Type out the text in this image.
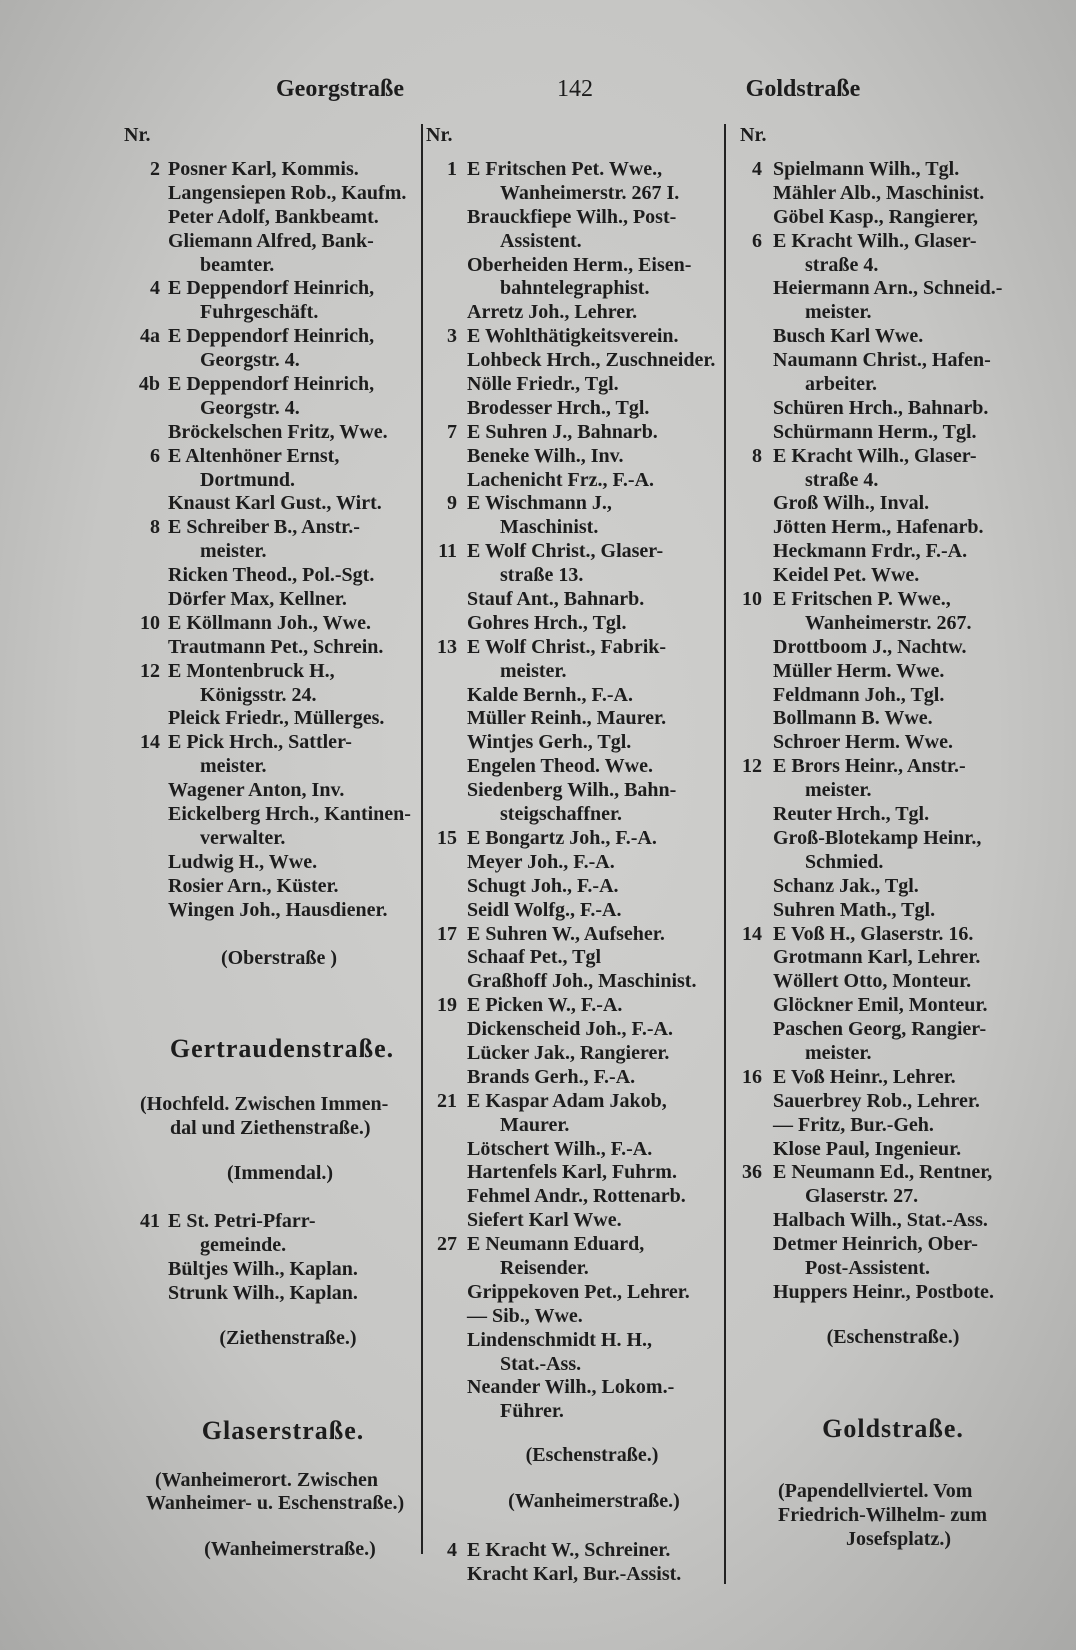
Georgstraße	142	Goldstraße
Nr.	Nr.	Nr.
2 Posner Karl, Kommis.
Langensiepen Rob., Kaufm.
Peter Adolf, Bankbeamt.
Gliemann Alfred, Bank-
beamter.
4 E Deppendorf Heinrich,
Fuhrgeschäft.
4a E Deppendorf Heinrich,
Georgstr. 4.
4b E Deppendorf Heinrich,
Georgstr. 4.
Bröckelschen Fritz, Wwe.
6 E Altenhöner Ernst,
Dortmund.
Knaust Karl Gust., Wirt.
8 E Schreiber B., Anstr.-
meister.
Ricken Theod., Pol.-Sgt.
Dörfer Max, Kellner.
10 E Köllmann Joh., Wwe.
Trautmann Pet., Schrein.
12 E Montenbruck H.,
Königsstr. 24.
Pleick Friedr., Müllerges.
14 E Pick Hrch., Sattler-
meister.
Wagener Anton, Inv.
Eickelberg Hrch., Kantinen-
verwalter.
Ludwig H., Wwe.
Rosier Arn., Küster.
Wingen Joh., Hausdiener.
41 E St. Petri-Pfarr-
gemeinde.
Bültjes Wilh., Kaplan.
Strunk Wilh., Kaplan.
1 E Fritschen Pet. Wwe.,
Wanheimerstr. 267 I.
Brauckfiepe Wilh., Post-
Assistent.
Oberheiden Herm., Eisen-
bahntelegraphist.
Arretz Joh., Lehrer.
3 E Wohlthätigkeitsverein.
Lohbeck Hrch., Zuschneider.
Nölle Friedr., Tgl.
Brodesser Hrch., Tgl.
7 E Suhren J., Bahnarb.
Beneke Wilh., Inv.
Lachenicht Frz., F.-A.
9 E Wischmann J.,
Maschinist.
11 E Wolf Christ., Glaser-
straße 13.
Stauf Ant., Bahnarb.
Gohres Hrch., Tgl.
13 E Wolf Christ., Fabrik-
meister.
Kalde Bernh., F.-A.
Müller Reinh., Maurer.
Wintjes Gerh., Tgl.
Engelen Theod. Wwe.
Siedenberg Wilh., Bahn-
steigschaffner.
15 E Bongartz Joh., F.-A.
Meyer Joh., F.-A.
Schugt Joh., F.-A.
Seidl Wolfg., F.-A.
17 E Suhren W., Aufseher.
Schaaf Pet., Tgl
Graßhoff Joh., Maschinist.
19 E Picken W., F.-A.
Dickenscheid Joh., F.-A.
Lücker Jak., Rangierer.
Brands Gerh., F.-A.
21 E Kaspar Adam Jakob,
Maurer.
Lötschert Wilh., F.-A.
Hartenfels Karl, Fuhrm.
Fehmel Andr., Rottenarb.
Siefert Karl Wwe.
27 E Neumann Eduard,
Reisender.
Grippekoven Pet., Lehrer.
— Sib., Wwe.
Lindenschmidt H. H.,
Stat.-Ass.
Neander Wilh., Lokom.-
Führer.
4 E Kracht W., Schreiner.
Kracht Karl, Bur.-Assist.
4 Spielmann Wilh., Tgl.
Mähler Alb., Maschinist.
Göbel Kasp., Rangierer,
6 E Kracht Wilh., Glaser-
straße 4.
Heiermann Arn., Schneid.-
meister.
Busch Karl Wwe.
Naumann Christ., Hafen-
arbeiter.
Schüren Hrch., Bahnarb.
Schürmann Herm., Tgl.
8 E Kracht Wilh., Glaser-
straße 4.
Groß Wilh., Inval.
Jötten Herm., Hafenarb.
Heckmann Frdr., F.-A.
Keidel Pet. Wwe.
10 E Fritschen P. Wwe.,
Wanheimerstr. 267.
Drottboom J., Nachtw.
Müller Herm. Wwe.
Feldmann Joh., Tgl.
Bollmann B. Wwe.
Schroer Herm. Wwe.
12 E Brors Heinr., Anstr.-
meister.
Reuter Hrch., Tgl.
Groß-Blotekamp Heinr.,
Schmied.
Schanz Jak., Tgl.
Suhren Math., Tgl.
14 E Voß H., Glaserstr. 16.
Grotmann Karl, Lehrer.
Wöllert Otto, Monteur.
Glöckner Emil, Monteur.
Paschen Georg, Rangier-
meister.
16 E Voß Heinr., Lehrer.
Sauerbrey Rob., Lehrer.
— Fritz, Bur.-Geh.
Klose Paul, Ingenieur.
36 E Neumann Ed., Rentner,
Glaserstr. 27.
Halbach Wilh., Stat.-Ass.
Detmer Heinrich, Ober-
Post-Assistent.
Huppers Heinr., Postbote.
(Oberstraße )
Gertraudenstraße.
(Hochfeld. Zwischen Immen-
dal und Ziethenstraße.)
(Immendal.)
(Ziethenstraße.)
Glaserstraße.
(Wanheimerort. Zwischen
Wanheimer- u. Eschenstraße.)
(Wanheimerstraße.)
(Eschenstraße.)
(Wanheimerstraße.)
(Eschenstraße.)
Goldstraße.
(Papendellviertel. Vom
Friedrich-Wilhelm- zum
Josefsplatz.)
